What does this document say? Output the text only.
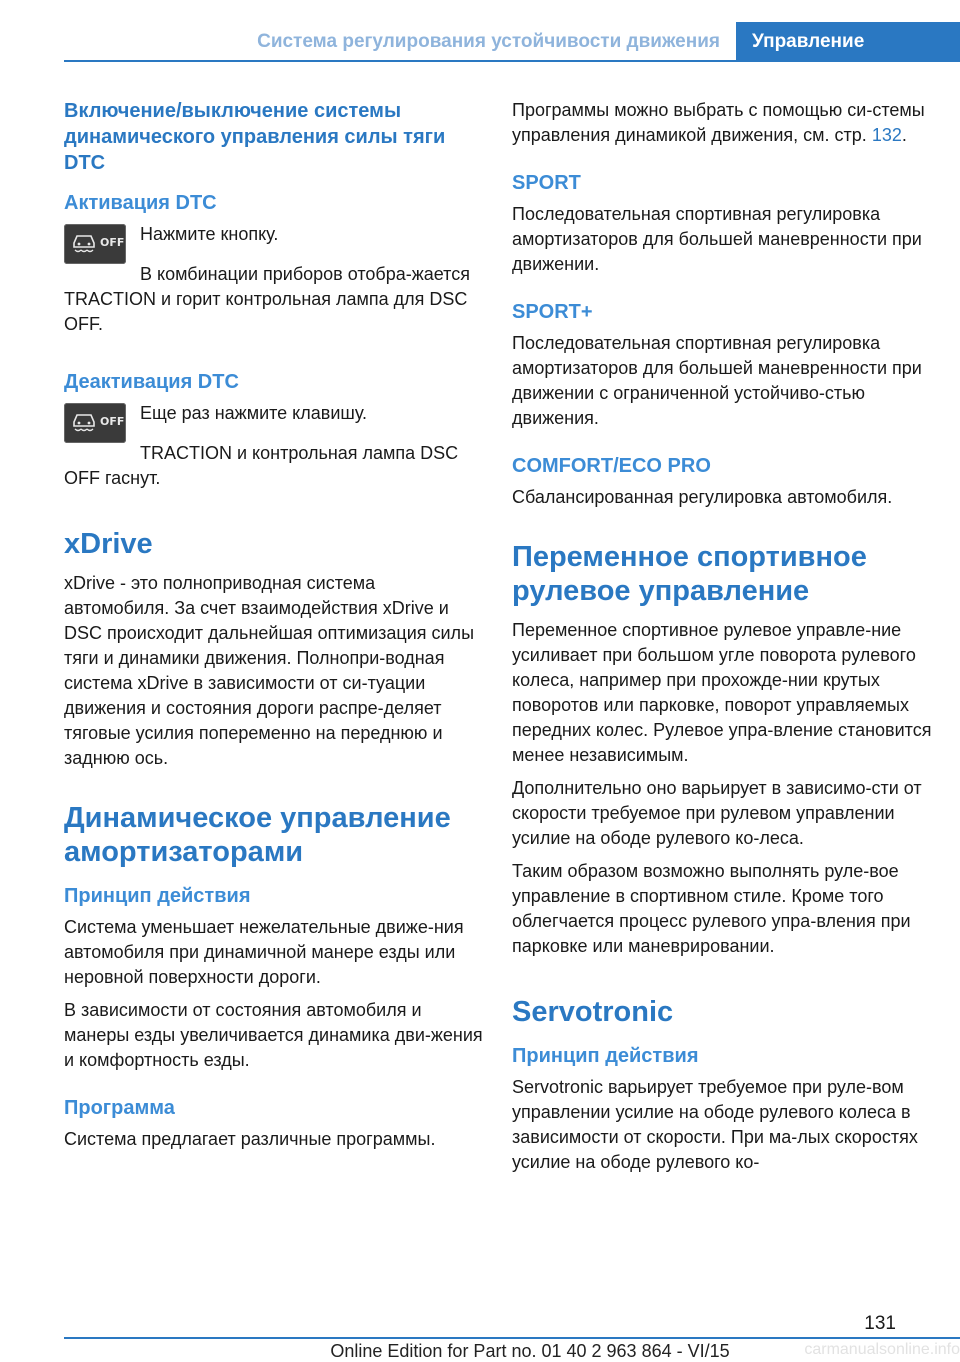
Система регулирования устойчивости движения	Управление
Включение/выключение системы динамического управления силы тяги DTC
Активация DTC
OFF Нажмите кнопку.

В комбинации приборов отобра-жается TRACTION и горит контрольная лампа для DSC OFF.

Деактивация DTC
OFF Еще раз нажмите клавишу.

TRACTION и контрольная лампа DSC OFF гаснут.

xDrive

xDrive - это полноприводная система автомобиля. За счет взаимодействия xDrive и DSC происходит дальнейшая оптимизация силы тяги и динамики движения. Полнопри-водная система xDrive в зависимости от си-туации движения и состояния дороги распре-деляет тяговые усилия попеременно на переднюю и заднюю ось.

Динамическое управление амортизаторами
Принцип действия

Система уменьшает нежелательные движе-ния автомобиля при динамичной манере езды или неровной поверхности дороги.

В зависимости от состояния автомобиля и манеры езды увеличивается динамика дви-жения и комфортность езды.

Программа

Система предлагает различные программы.

Программы можно выбрать с помощью си-стемы управления динамикой движения, см. стр. 132.

SPORT

Последовательная спортивная регулировка амортизаторов для большей маневренности при движении.

SPORT+

Последовательная спортивная регулировка амортизаторов для большей маневренности при движении с ограниченной устойчиво-стью движения.

COMFORT/ECO PRO

Сбалансированная регулировка автомобиля.

Переменное спортивное рулевое управление

Переменное спортивное рулевое управле-ние усиливает при большом угле поворота рулевого колеса, например при прохожде-нии крутых поворотов или парковке, поворот управляемых передних колес. Рулевое упра-вление становится менее независимым.

Дополнительно оно варьирует в зависимо-сти от скорости требуемое при рулевом управлении усилие на ободе рулевого ко-леса.

Таким образом возможно выполнять руле-вое управление в спортивном стиле. Кроме того облегчается процесс рулевого упра-вления при парковке или маневрировании.

Servotronic
Принцип действия

Servotronic варьирует требуемое при руле-вом управлении усилие на ободе рулевого колеса в зависимости от скорости. При ма-лых скоростях усилие на ободе рулевого ко-

131
carmanualsonline.info
Online Edition for Part no. 01 40 2 963 864 - VI/15
